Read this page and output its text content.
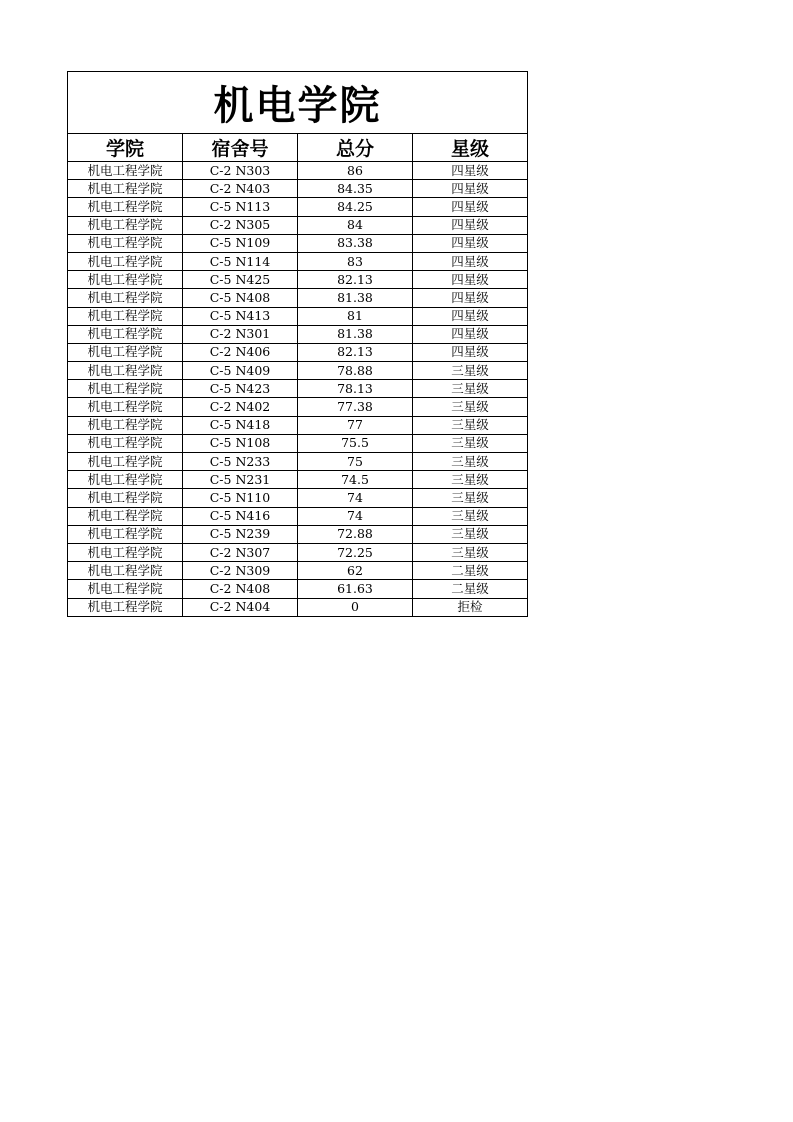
机电学院			
学院	宿舍号	总分	星级
机电工程学院	C-2 N303	86	四星级
机电工程学院	C-2 N403	84.35	四星级
机电工程学院	C-5 N113	84.25	四星级
机电工程学院	C-2 N305	84	四星级
机电工程学院	C-5 N109	83.38	四星级
机电工程学院	C-5 N114	83	四星级
机电工程学院	C-5 N425	82.13	四星级
机电工程学院	C-5 N408	81.38	四星级
机电工程学院	C-5 N413	81	四星级
机电工程学院	C-2 N301	81.38	四星级
机电工程学院	C-2 N406	82.13	四星级
机电工程学院	C-5 N409	78.88	三星级
机电工程学院	C-5 N423	78.13	三星级
机电工程学院	C-2 N402	77.38	三星级
机电工程学院	C-5 N418	77	三星级
机电工程学院	C-5 N108	75.5	三星级
机电工程学院	C-5 N233	75	三星级
机电工程学院	C-5 N231	74.5	三星级
机电工程学院	C-5 N110	74	三星级
机电工程学院	C-5 N416	74	三星级
机电工程学院	C-5 N239	72.88	三星级
机电工程学院	C-2 N307	72.25	三星级
机电工程学院	C-2 N309	62	二星级
机电工程学院	C-2 N408	61.63	二星级
机电工程学院	C-2 N404	0	拒检
